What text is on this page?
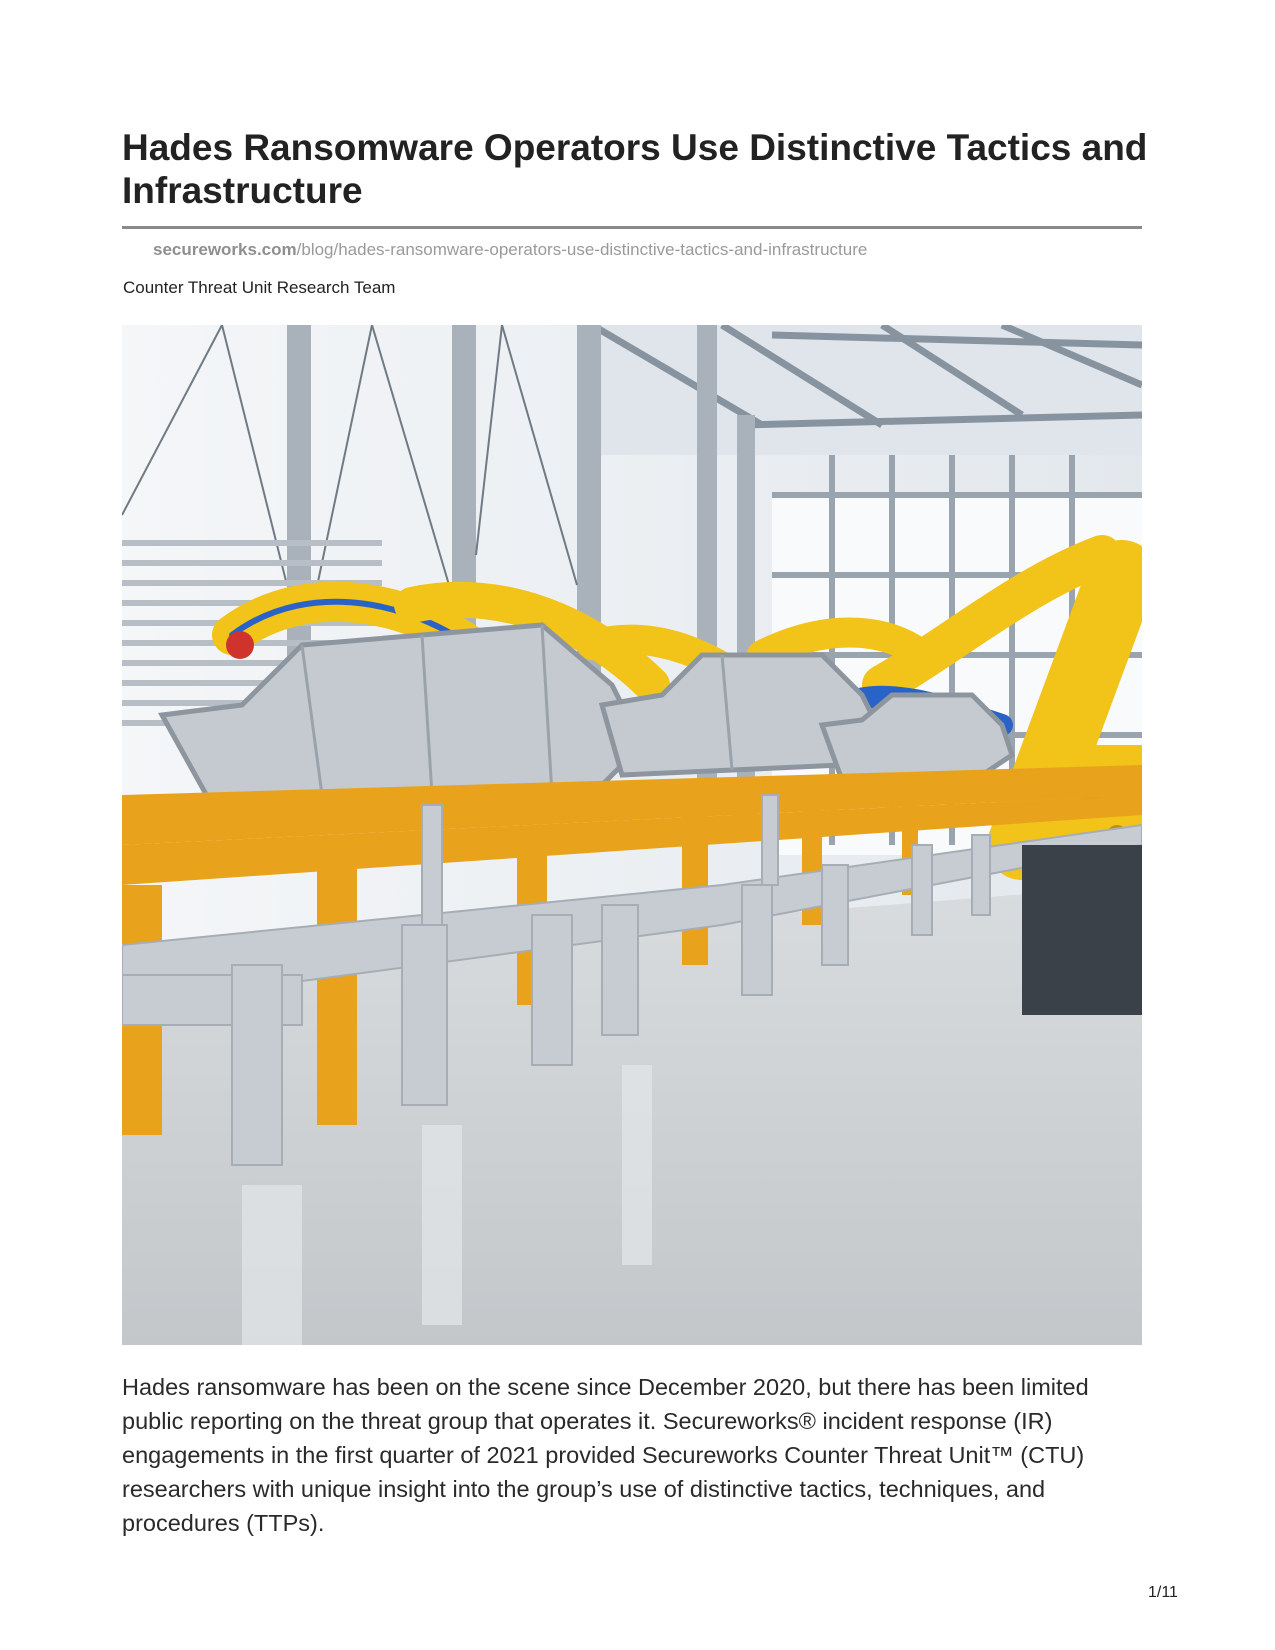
Hades Ransomware Operators Use Distinctive Tactics and Infrastructure
secureworks.com/blog/hades-ransomware-operators-use-distinctive-tactics-and-infrastructure
Counter Threat Unit Research Team

Hades ransomware has been on the scene since December 2020, but there has been limited public reporting on the threat group that operates it. Secureworks® incident response (IR) engagements in the first quarter of 2021 provided Secureworks Counter Threat Unit™ (CTU) researchers with unique insight into the group’s use of distinctive tactics, techniques, and procedures (TTPs).

1/11
